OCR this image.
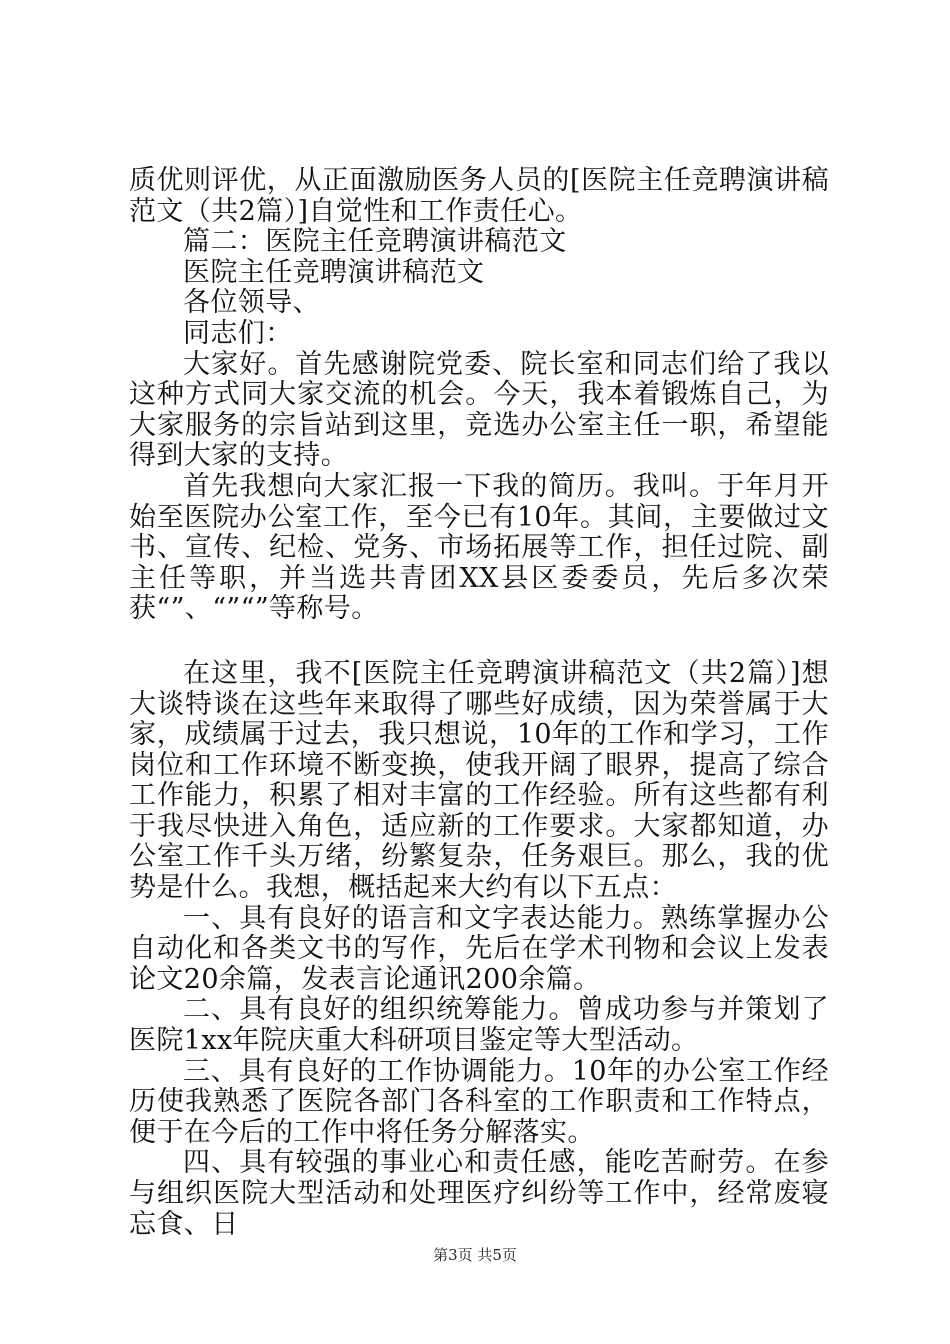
质优则评优，从正面激励医务人员的[医院主任竞聘演讲稿范文（共2篇）]自觉性和工作责任心。

篇二：医院主任竞聘演讲稿范文

医院主任竞聘演讲稿范文

各位领导、

同志们：

大家好。首先感谢院党委、院长室和同志们给了我以这种方式同大家交流的机会。今天，我本着锻炼自己，为大家服务的宗旨站到这里，竞选办公室主任一职，希望能得到大家的支持。

首先我想向大家汇报一下我的简历。我叫。于年月开始至医院办公室工作，至今已有10年。其间，主要做过文书、宣传、纪检、党务、市场拓展等工作，担任过院、副主任等职，并当选共青团XX县区委委员，先后多次荣获“”、“”“”等称号。

在这里，我不[医院主任竞聘演讲稿范文（共2篇）]想大谈特谈在这些年来取得了哪些好成绩，因为荣誉属于大家，成绩属于过去，我只想说，10年的工作和学习，工作岗位和工作环境不断变换，使我开阔了眼界，提高了综合工作能力，积累了相对丰富的工作经验。所有这些都有利于我尽快进入角色，适应新的工作要求。大家都知道，办公室工作千头万绪，纷繁复杂，任务艰巨。那么，我的优势是什么。我想，概括起来大约有以下五点：

一、具有良好的语言和文字表达能力。熟练掌握办公自动化和各类文书的写作，先后在学术刊物和会议上发表论文20余篇，发表言论通讯200余篇。

二、具有良好的组织统筹能力。曾成功参与并策划了医院1xx年院庆重大科研项目鉴定等大型活动。

三、具有良好的工作协调能力。10年的办公室工作经历使我熟悉了医院各部门各科室的工作职责和工作特点，便于在今后的工作中将任务分解落实。

四、具有较强的事业心和责任感，能吃苦耐劳。在参与组织医院大型活动和处理医疗纠纷等工作中，经常废寝忘食、日

第3页 共5页
